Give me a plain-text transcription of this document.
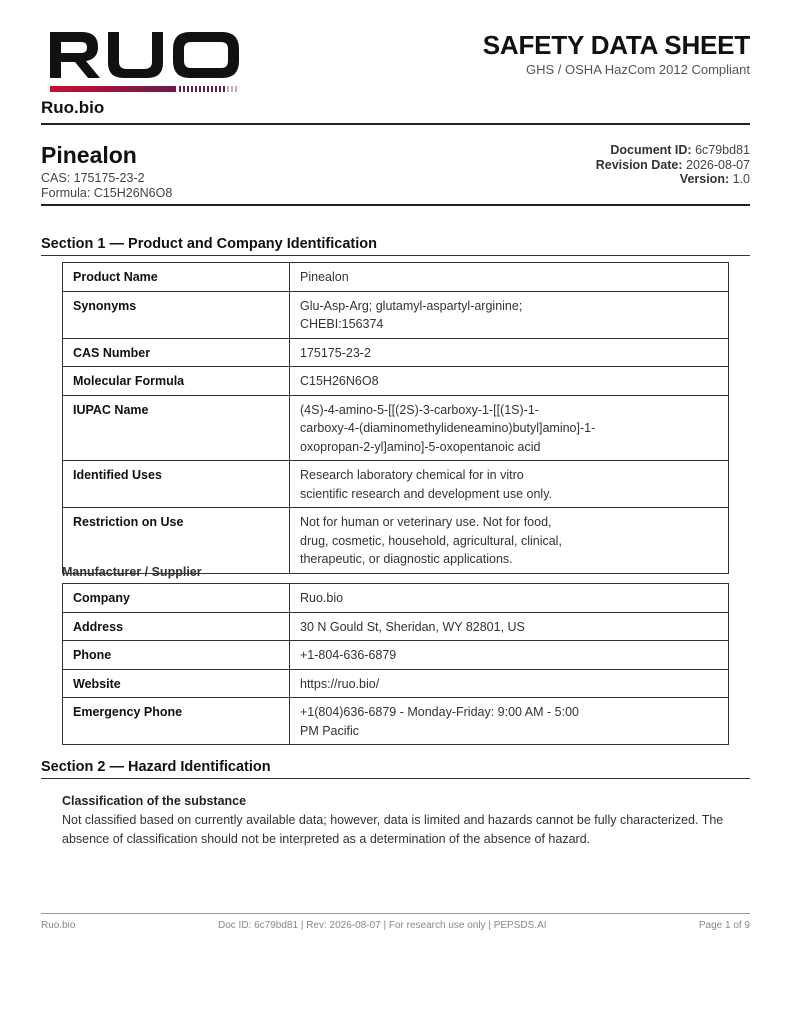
Ruo.bio
SAFETY DATA SHEET
GHS / OSHA HazCom 2012 Compliant
Pinealon
CAS: 175175-23-2
Formula: C15H26N6O8
Document ID: 6c79bd81
Revision Date: 2026-08-07
Version: 1.0
Section 1 — Product and Company Identification
Product Name	Pinealon
Synonyms	Glu-Asp-Arg; glutamyl-aspartyl-arginine;
CHEBI:156374
CAS Number	175175-23-2
Molecular Formula	C15H26N6O8
IUPAC Name	(4S)-4-amino-5-[[(2S)-3-carboxy-1-[[(1S)-1-
carboxy-4-(diaminomethylideneamino)butyl]amino]-1-
oxopropan-2-yl]amino]-5-oxopentanoic acid
Identified Uses	Research laboratory chemical for in vitro
scientific research and development use only.
Restriction on Use	Not for human or veterinary use. Not for food,
drug, cosmetic, household, agricultural, clinical,
therapeutic, or diagnostic applications.
Manufacturer / Supplier
Company	Ruo.bio
Address	30 N Gould St, Sheridan, WY 82801, US
Phone	+1-804-636-6879
Website	https://ruo.bio/
Emergency Phone	+1(804)636-6879 - Monday-Friday: 9:00 AM - 5:00
PM Pacific
Section 2 — Hazard Identification
Classification of the substance
Not classified based on currently available data; however, data is limited and hazards cannot be fully characterized. The absence of classification should not be interpreted as a determination of the absence of hazard.
Ruo.bio	Doc ID: 6c79bd81 | Rev: 2026-08-07 | For research use only | PEPSDS.AI	Page 1 of 9
